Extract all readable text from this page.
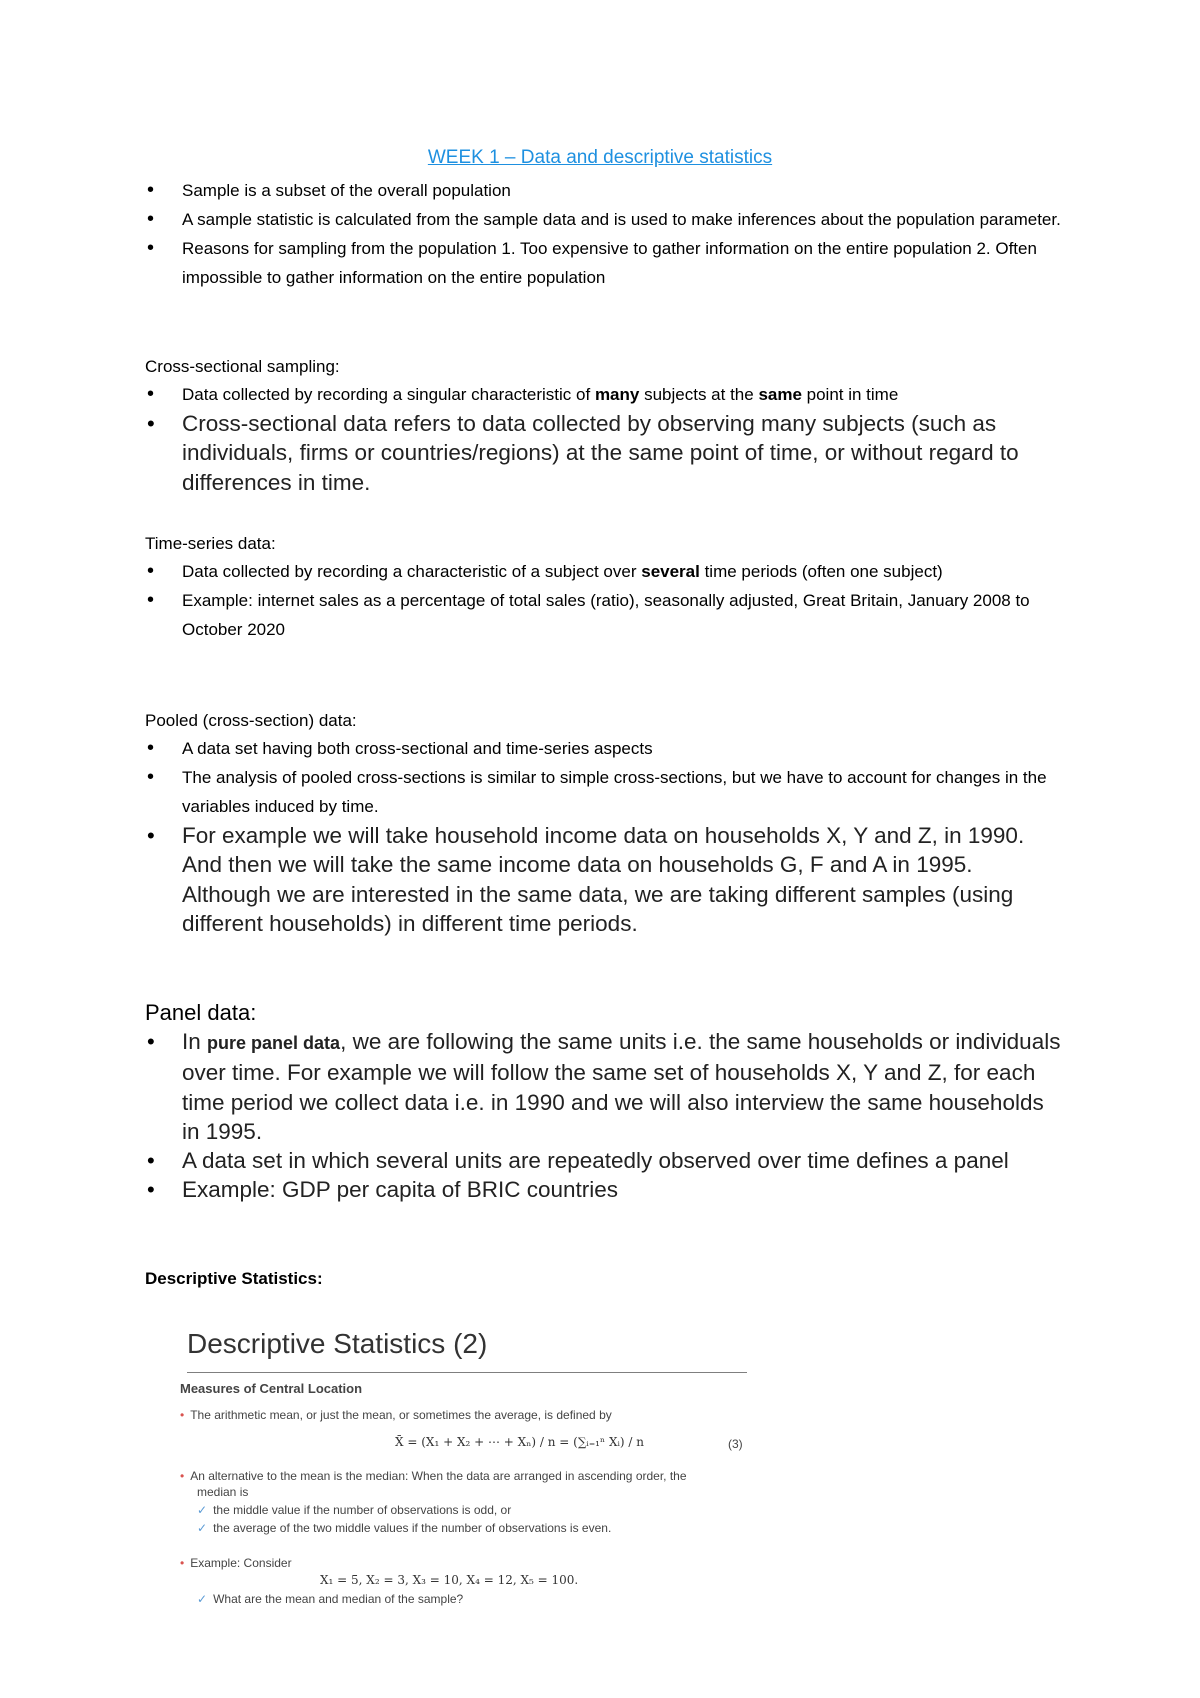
WEEK 1 – Data and descriptive statistics
• Sample is a subset of the overall population
• A sample statistic is calculated from the sample data and is used to make inferences about the population parameter.
• Reasons for sampling from the population 1. Too expensive to gather information on the entire population 2. Often impossible to gather information on the entire population
Cross-sectional sampling:
• Data collected by recording a singular characteristic of many subjects at the same point in time
• Cross-sectional data refers to data collected by observing many subjects (such as individuals, firms or countries/regions) at the same point of time, or without regard to differences in time.
Time-series data:
• Data collected by recording a characteristic of a subject over several time periods (often one subject)
• Example: internet sales as a percentage of total sales (ratio), seasonally adjusted, Great Britain, January 2008 to October 2020
Pooled (cross-section) data:
• A data set having both cross-sectional and time-series aspects
• The analysis of pooled cross-sections is similar to simple cross-sections, but we have to account for changes in the variables induced by time.
• For example we will take household income data on households X, Y and Z, in 1990. And then we will take the same income data on households G, F and A in 1995. Although we are interested in the same data, we are taking different samples (using different households) in different time periods.
Panel data:
• In pure panel data, we are following the same units i.e. the same households or individuals over time. For example we will follow the same set of households X, Y and Z, for each time period we collect data i.e. in 1990 and we will also interview the same households in 1995.
• A data set in which several units are repeatedly observed over time defines a panel
• Example: GDP per capita of BRIC countries
Descriptive Statistics:
Descriptive Statistics (2)
Measures of Central Location
• The arithmetic mean, or just the mean, or sometimes the average, is defined by
X̄ = (X₁ + X₂ + ⋯ + Xₙ) / n = (∑ᵢ₌₁ⁿ Xᵢ) / n	(3)
• An alternative to the mean is the median: When the data are arranged in ascending order, the
median is
✓ the middle value if the number of observations is odd, or
✓ the average of the two middle values if the number of observations is even.
• Example: Consider
X₁ = 5, X₂ = 3, X₃ = 10, X₄ = 12, X₅ = 100.
✓ What are the mean and median of the sample?
